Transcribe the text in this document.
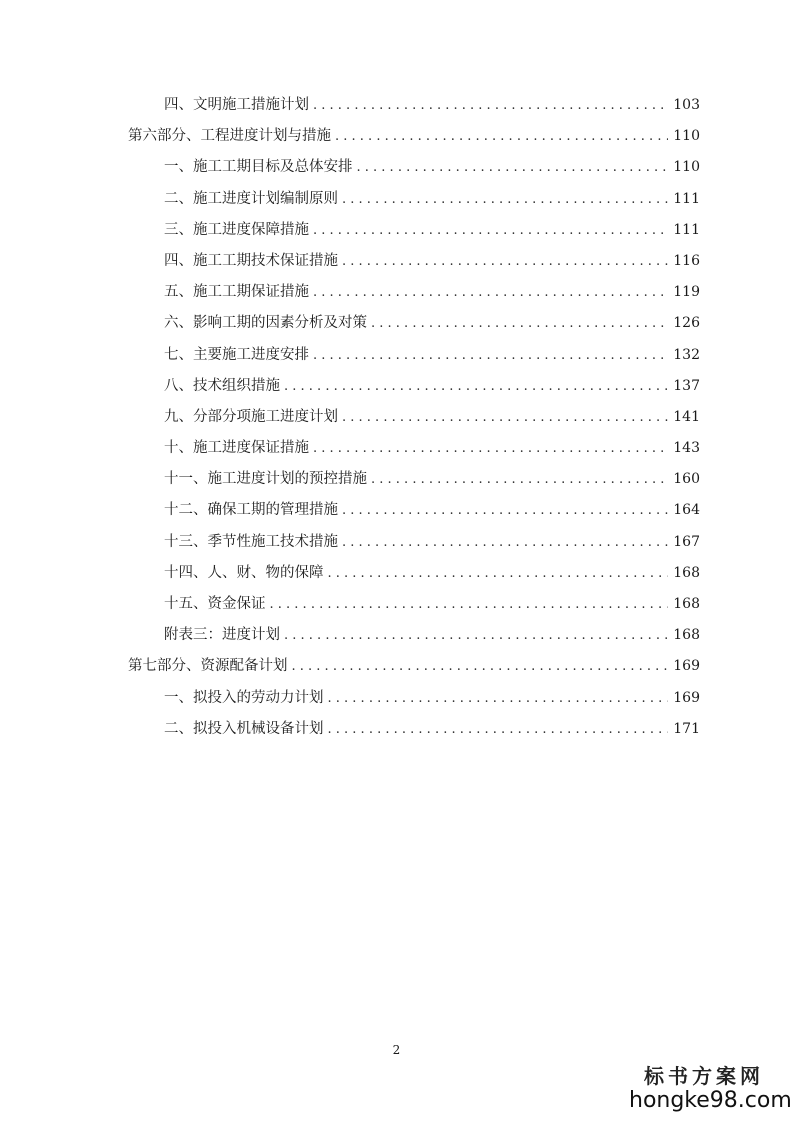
四、文明施工措施计划 . . .	103
第六部分、工程进度计划与措施 . . .	110
一、施工工期目标及总体安排 . . .	110
二、施工进度计划编制原则 . . .	111
三、施工进度保障措施 . . .	111
四、施工工期技术保证措施 . . .	116
五、施工工期保证措施 . . .	119
六、影响工期的因素分析及对策 . . .	126
七、主要施工进度安排 . . .	132
八、技术组织措施 . . .	137
九、分部分项施工进度计划 . . .	141
十、施工进度保证措施 . . .	143
十一、施工进度计划的预控措施 . . .	160
十二、确保工期的管理措施 . . .	164
十三、季节性施工技术措施 . . .	167
十四、人、财、物的保障 . . .	168
十五、资金保证 . . .	168
附表三：进度计划 . . .	168
第七部分、资源配备计划 . . .	169
一、拟投入的劳动力计划 . . .	169
二、拟投入机械设备计划 . . .	171
2
标书方案网
hongke98.com
